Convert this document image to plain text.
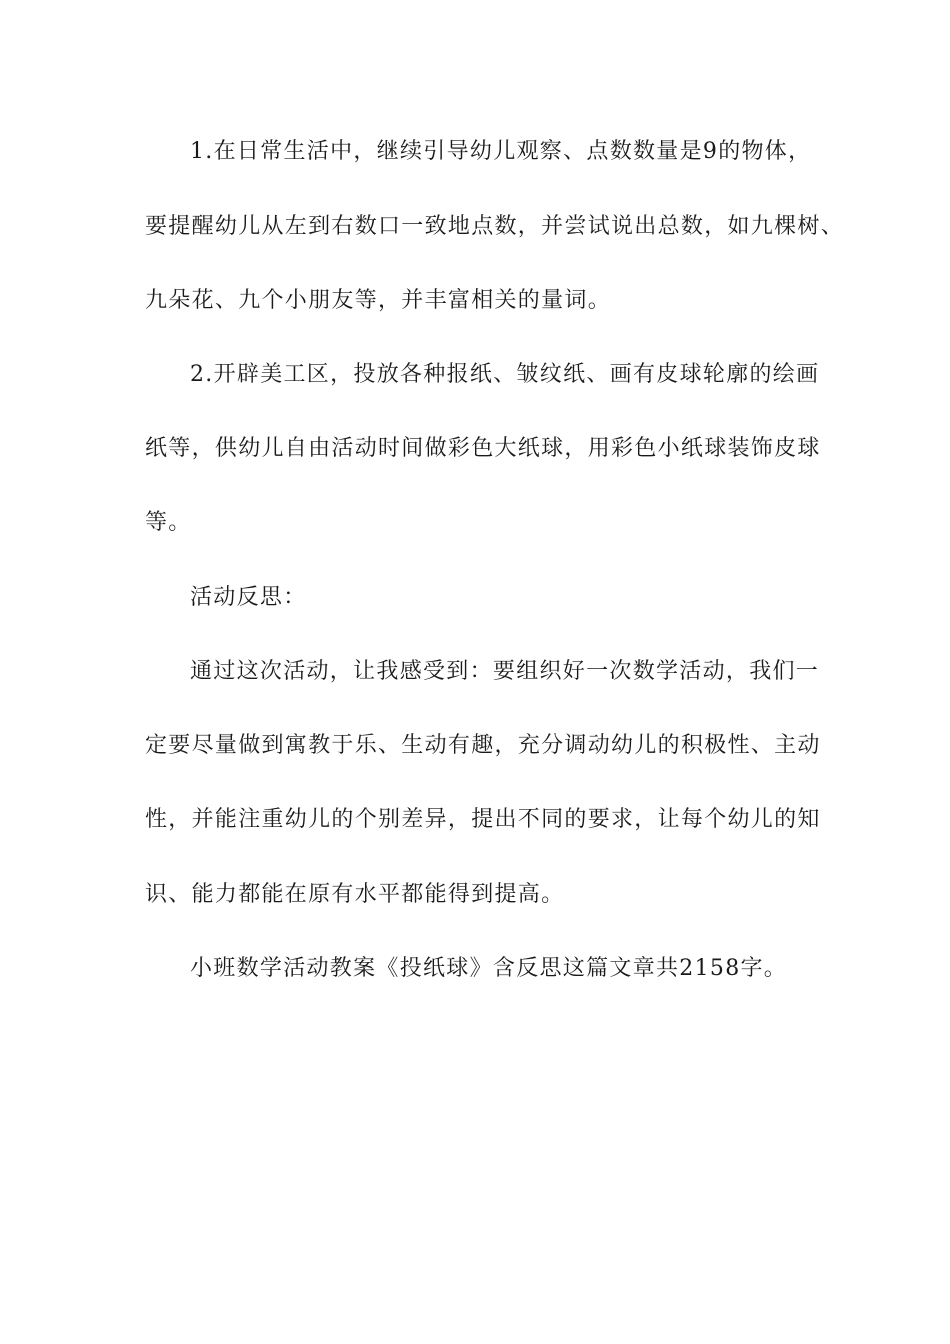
1.在日常生活中，继续引导幼儿观察、点数数量是9的物体，
要提醒幼儿从左到右数口一致地点数，并尝试说出总数，如九棵树、
九朵花、九个小朋友等，并丰富相关的量词。
2.开辟美工区，投放各种报纸、皱纹纸、画有皮球轮廓的绘画
纸等，供幼儿自由活动时间做彩色大纸球，用彩色小纸球装饰皮球
等。
活动反思：
通过这次活动，让我感受到：要组织好一次数学活动，我们一
定要尽量做到寓教于乐、生动有趣，充分调动幼儿的积极性、主动
性，并能注重幼儿的个别差异，提出不同的要求，让每个幼儿的知
识、能力都能在原有水平都能得到提高。
小班数学活动教案《投纸球》含反思这篇文章共2158字。
